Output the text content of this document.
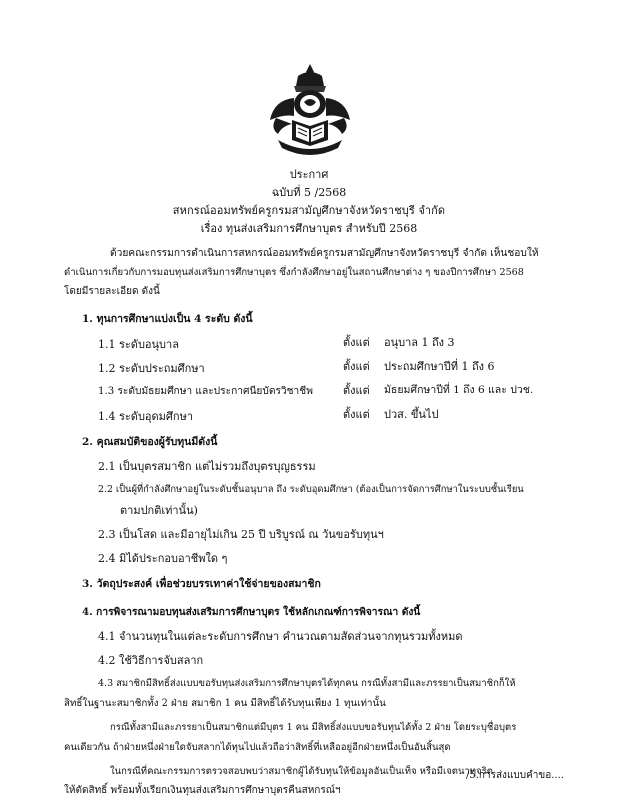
ประกาศ
ฉบับที่ 5 /2568
สหกรณ์ออมทรัพย์ครูกรมสามัญศึกษาจังหวัดราชบุรี จำกัด
เรื่อง ทุนส่งเสริมการศึกษาบุตร สำหรับปี 2568
ด้วยคณะกรรมการดำเนินการสหกรณ์ออมทรัพย์ครูกรมสามัญศึกษาจังหวัดราชบุรี จำกัด เห็นชอบให้
ดำเนินการเกี่ยวกับการมอบทุนส่งเสริมการศึกษาบุตร ซึ่งกำลังศึกษาอยู่ในสถานศึกษาต่าง ๆ ของปีการศึกษา 2568
โดยมีรายละเอียด ดังนี้
1. ทุนการศึกษาแบ่งเป็น 4 ระดับ ดังนี้
1.1 ระดับอนุบาล	ตั้งแต่ อนุบาล 1 ถึง 3
1.2 ระดับประถมศึกษา	ตั้งแต่ ประถมศึกษาปีที่ 1 ถึง 6
1.3 ระดับมัธยมศึกษา และประกาศนียบัตรวิชาชีพ	ตั้งแต่ มัธยมศึกษาปีที่ 1 ถึง 6 และ ปวช.
1.4 ระดับอุดมศึกษา	ตั้งแต่ ปวส. ขึ้นไป
2. คุณสมบัติของผู้รับทุนมีดังนี้
2.1 เป็นบุตรสมาชิก แต่ไม่รวมถึงบุตรบุญธรรม
2.2 เป็นผู้ที่กำลังศึกษาอยู่ในระดับชั้นอนุบาล ถึง ระดับอุดมศึกษา (ต้องเป็นการจัดการศึกษาในระบบชั้นเรียน
ตามปกติเท่านั้น)
2.3 เป็นโสด และมีอายุไม่เกิน 25 ปี บริบูรณ์ ณ วันขอรับทุนฯ
2.4 มิได้ประกอบอาชีพใด ๆ
3. วัตถุประสงค์ เพื่อช่วยบรรเทาค่าใช้จ่ายของสมาชิก
4. การพิจารณามอบทุนส่งเสริมการศึกษาบุตร ใช้หลักเกณฑ์การพิจารณา ดังนี้
4.1 จำนวนทุนในแต่ละระดับการศึกษา คำนวณตามสัดส่วนจากทุนรวมทั้งหมด
4.2 ใช้วิธีการจับสลาก
4.3 สมาชิกมีสิทธิ์ส่งแบบขอรับทุนส่งเสริมการศึกษาบุตรได้ทุกคน กรณีทั้งสามีและภรรยาเป็นสมาชิกก็ให้
สิทธิ์ในฐานะสมาชิกทั้ง 2 ฝ่าย สมาชิก 1 คน มีสิทธิ์ได้รับทุนเพียง 1 ทุนเท่านั้น
กรณีทั้งสามีและภรรยาเป็นสมาชิกแต่มีบุตร 1 คน มีสิทธิ์ส่งแบบขอรับทุนได้ทั้ง 2 ฝ่าย โดยระบุชื่อบุตร
คนเดียวกัน ถ้าฝ่ายหนึ่งฝ่ายใดจับสลากได้ทุนไปแล้วถือว่าสิทธิ์ที่เหลืออยู่อีกฝ่ายหนึ่งเป็นอันสิ้นสุด
ในกรณีที่คณะกรรมการตรวจสอบพบว่าสมาชิกผู้ได้รับทุนให้ข้อมูลอันเป็นเท็จ หรือมีเจตนาทุจริต
ให้ตัดสิทธิ์ พร้อมทั้งเรียกเงินทุนส่งเสริมการศึกษาบุตรคืนสหกรณ์ฯ
/5.การส่งแบบคำขอ....
